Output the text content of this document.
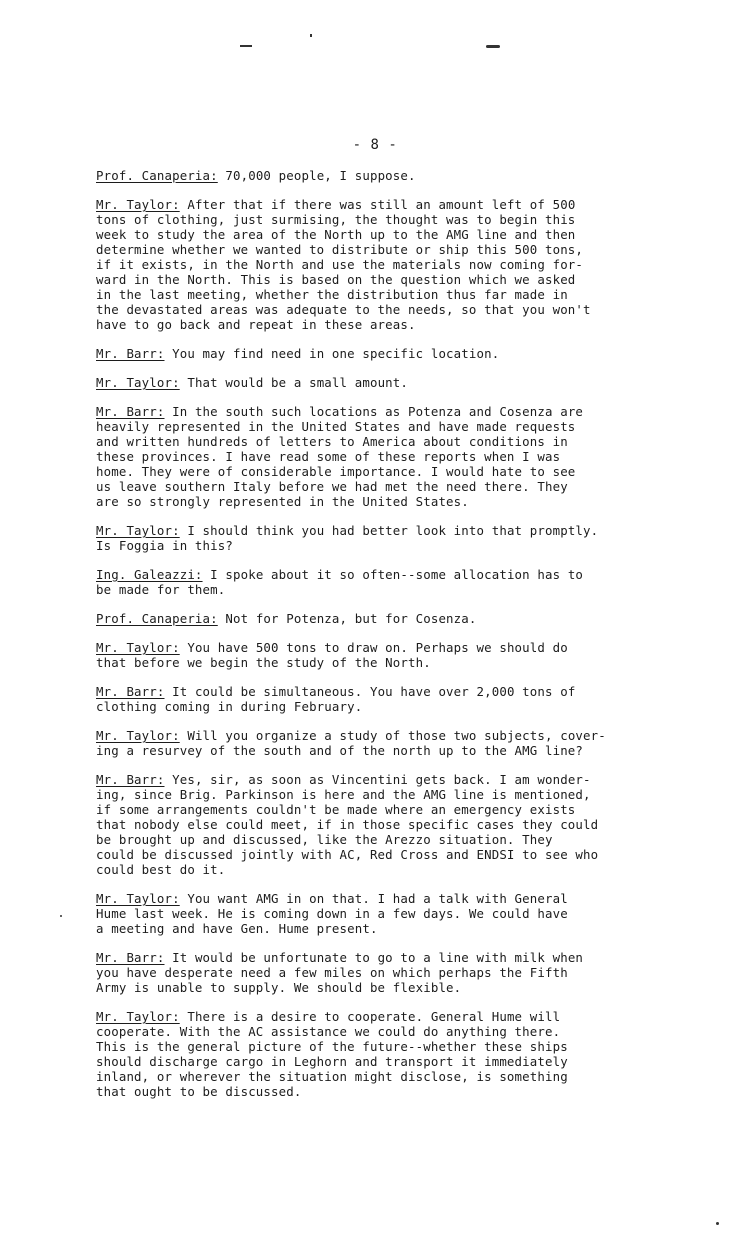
- 8 -

Prof. Canaperia: 70,000 people, I suppose.

Mr. Taylor: After that if there was still an amount left of 500
tons of clothing, just surmising, the thought was to begin this
week to study the area of the North up to the AMG line and then
determine whether we wanted to distribute or ship this 500 tons,
if it exists, in the North and use the materials now coming for-
ward in the North. This is based on the question which we asked
in the last meeting, whether the distribution thus far made in
the devastated areas was adequate to the needs, so that you won't
have to go back and repeat in these areas.

Mr. Barr: You may find need in one specific location.

Mr. Taylor: That would be a small amount.

Mr. Barr: In the south such locations as Potenza and Cosenza are
heavily represented in the United States and have made requests
and written hundreds of letters to America about conditions in
these provinces. I have read some of these reports when I was
home. They were of considerable importance. I would hate to see
us leave southern Italy before we had met the need there. They
are so strongly represented in the United States.

Mr. Taylor: I should think you had better look into that promptly.
Is Foggia in this?

Ing. Galeazzi: I spoke about it so often--some allocation has to
be made for them.

Prof. Canaperia: Not for Potenza, but for Cosenza.

Mr. Taylor: You have 500 tons to draw on. Perhaps we should do
that before we begin the study of the North.

Mr. Barr: It could be simultaneous. You have over 2,000 tons of
clothing coming in during February.

Mr. Taylor: Will you organize a study of those two subjects, cover-
ing a resurvey of the south and of the north up to the AMG line?

Mr. Barr: Yes, sir, as soon as Vincentini gets back. I am wonder-
ing, since Brig. Parkinson is here and the AMG line is mentioned,
if some arrangements couldn't be made where an emergency exists
that nobody else could meet, if in those specific cases they could
be brought up and discussed, like the Arezzo situation. They
could be discussed jointly with AC, Red Cross and ENDSI to see who
could best do it.

Mr. Taylor: You want AMG in on that. I had a talk with General
Hume last week. He is coming down in a few days. We could have
a meeting and have Gen. Hume present.

Mr. Barr: It would be unfortunate to go to a line with milk when
you have desperate need a few miles on which perhaps the Fifth
Army is unable to supply. We should be flexible.

Mr. Taylor: There is a desire to cooperate. General Hume will
cooperate. With the AC assistance we could do anything there.
This is the general picture of the future--whether these ships
should discharge cargo in Leghorn and transport it immediately
inland, or wherever the situation might disclose, is something
that ought to be discussed.
